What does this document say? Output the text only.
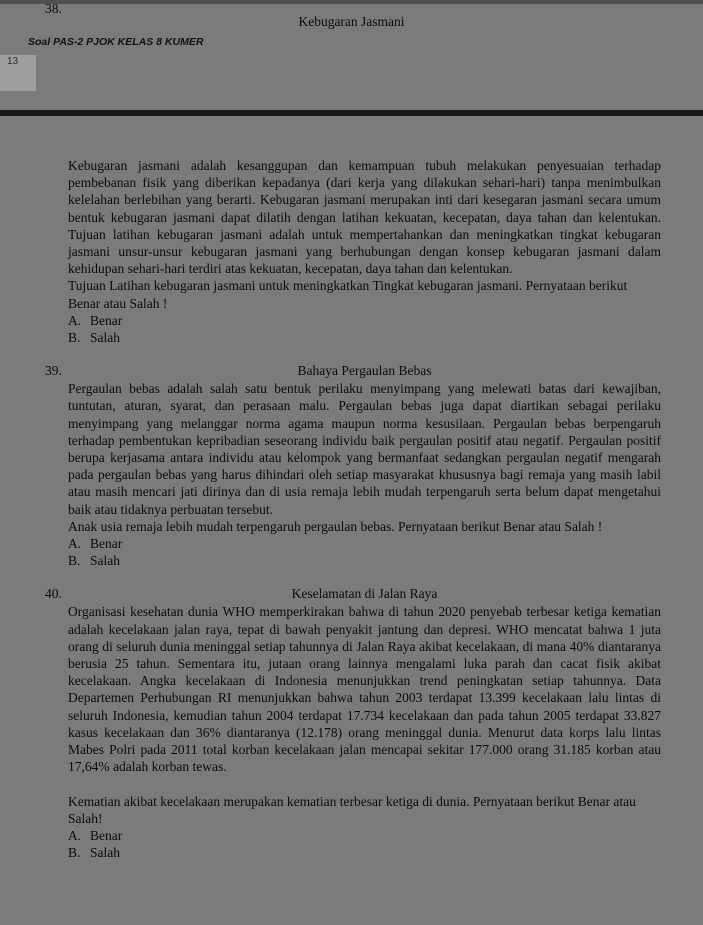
38.
Kebugaran Jasmani
Soal PAS-2 PJOK KELAS 8 KUMER
13

Kebugaran jasmani adalah kesanggupan dan kemampuan tubuh melakukan penyesuaian terhadap pembebanan fisik yang diberikan kepadanya (dari kerja yang dilakukan sehari-hari) tanpa menimbulkan kelelahan berlebihan yang berarti. Kebugaran jasmani merupakan inti dari kesegaran jasmani secara umum bentuk kebugaran jasmani dapat dilatih dengan latihan kekuatan, kecepatan, daya tahan dan kelentukan. Tujuan latihan kebugaran jasmani adalah untuk mempertahankan dan meningkatkan tingkat kebugaran jasmani unsur-unsur kebugaran jasmani yang berhubungan dengan konsep kebugaran jasmani dalam kehidupan sehari-hari terdiri atas kekuatan, kecepatan, daya tahan dan kelentukan.

Tujuan Latihan kebugaran jasmani untuk meningkatkan Tingkat kebugaran jasmani. Pernyataan berikut Benar atau Salah !

A. Benar
B. Salah
39.	Bahaya Pergaulan Bebas

Pergaulan bebas adalah salah satu bentuk perilaku menyimpang yang melewati batas dari kewajiban, tuntutan, aturan, syarat, dan perasaan malu. Pergaulan bebas juga dapat diartikan sebagai perilaku menyimpang yang melanggar norma agama maupun norma kesusilaan. Pergaulan bebas berpengaruh terhadap pembentukan kepribadian seseorang individu baik pergaulan positif atau negatif. Pergaulan positif berupa kerjasama antara individu atau kelompok yang bermanfaat sedangkan pergaulan negatif mengarah pada pergaulan bebas yang harus dihindari oleh setiap masyarakat khususnya bagi remaja yang masih labil atau masih mencari jati dirinya dan di usia remaja lebih mudah terpengaruh serta belum dapat mengetahui baik atau tidaknya perbuatan tersebut.

Anak usia remaja lebih mudah terpengaruh pergaulan bebas. Pernyataan berikut Benar atau Salah !

A. Benar
B. Salah
40.	Keselamatan di Jalan Raya

Organisasi kesehatan dunia WHO memperkirakan bahwa di tahun 2020 penyebab terbesar ketiga kematian adalah kecelakaan jalan raya, tepat di bawah penyakit jantung dan depresi. WHO mencatat bahwa 1 juta orang di seluruh dunia meninggal setiap tahunnya di Jalan Raya akibat kecelakaan, di mana 40% diantaranya berusia 25 tahun. Sementara itu, jutaan orang lainnya mengalami luka parah dan cacat fisik akibat kecelakaan. Angka kecelakaan di Indonesia menunjukkan trend peningkatan setiap tahunnya. Data Departemen Perhubungan RI menunjukkan bahwa tahun 2003 terdapat 13.399 kecelakaan lalu lintas di seluruh Indonesia, kemudian tahun 2004 terdapat 17.734 kecelakaan dan pada tahun 2005 terdapat 33.827 kasus kecelakaan dan 36% diantaranya (12.178) orang meninggal dunia. Menurut data korps lalu lintas Mabes Polri pada 2011 total korban kecelakaan jalan mencapai sekitar 177.000 orang 31.185 korban atau 17,64% adalah korban tewas.

Kematian akibat kecelakaan merupakan kematian terbesar ketiga di dunia. Pernyataan berikut Benar atau Salah!

A. Benar
B. Salah
